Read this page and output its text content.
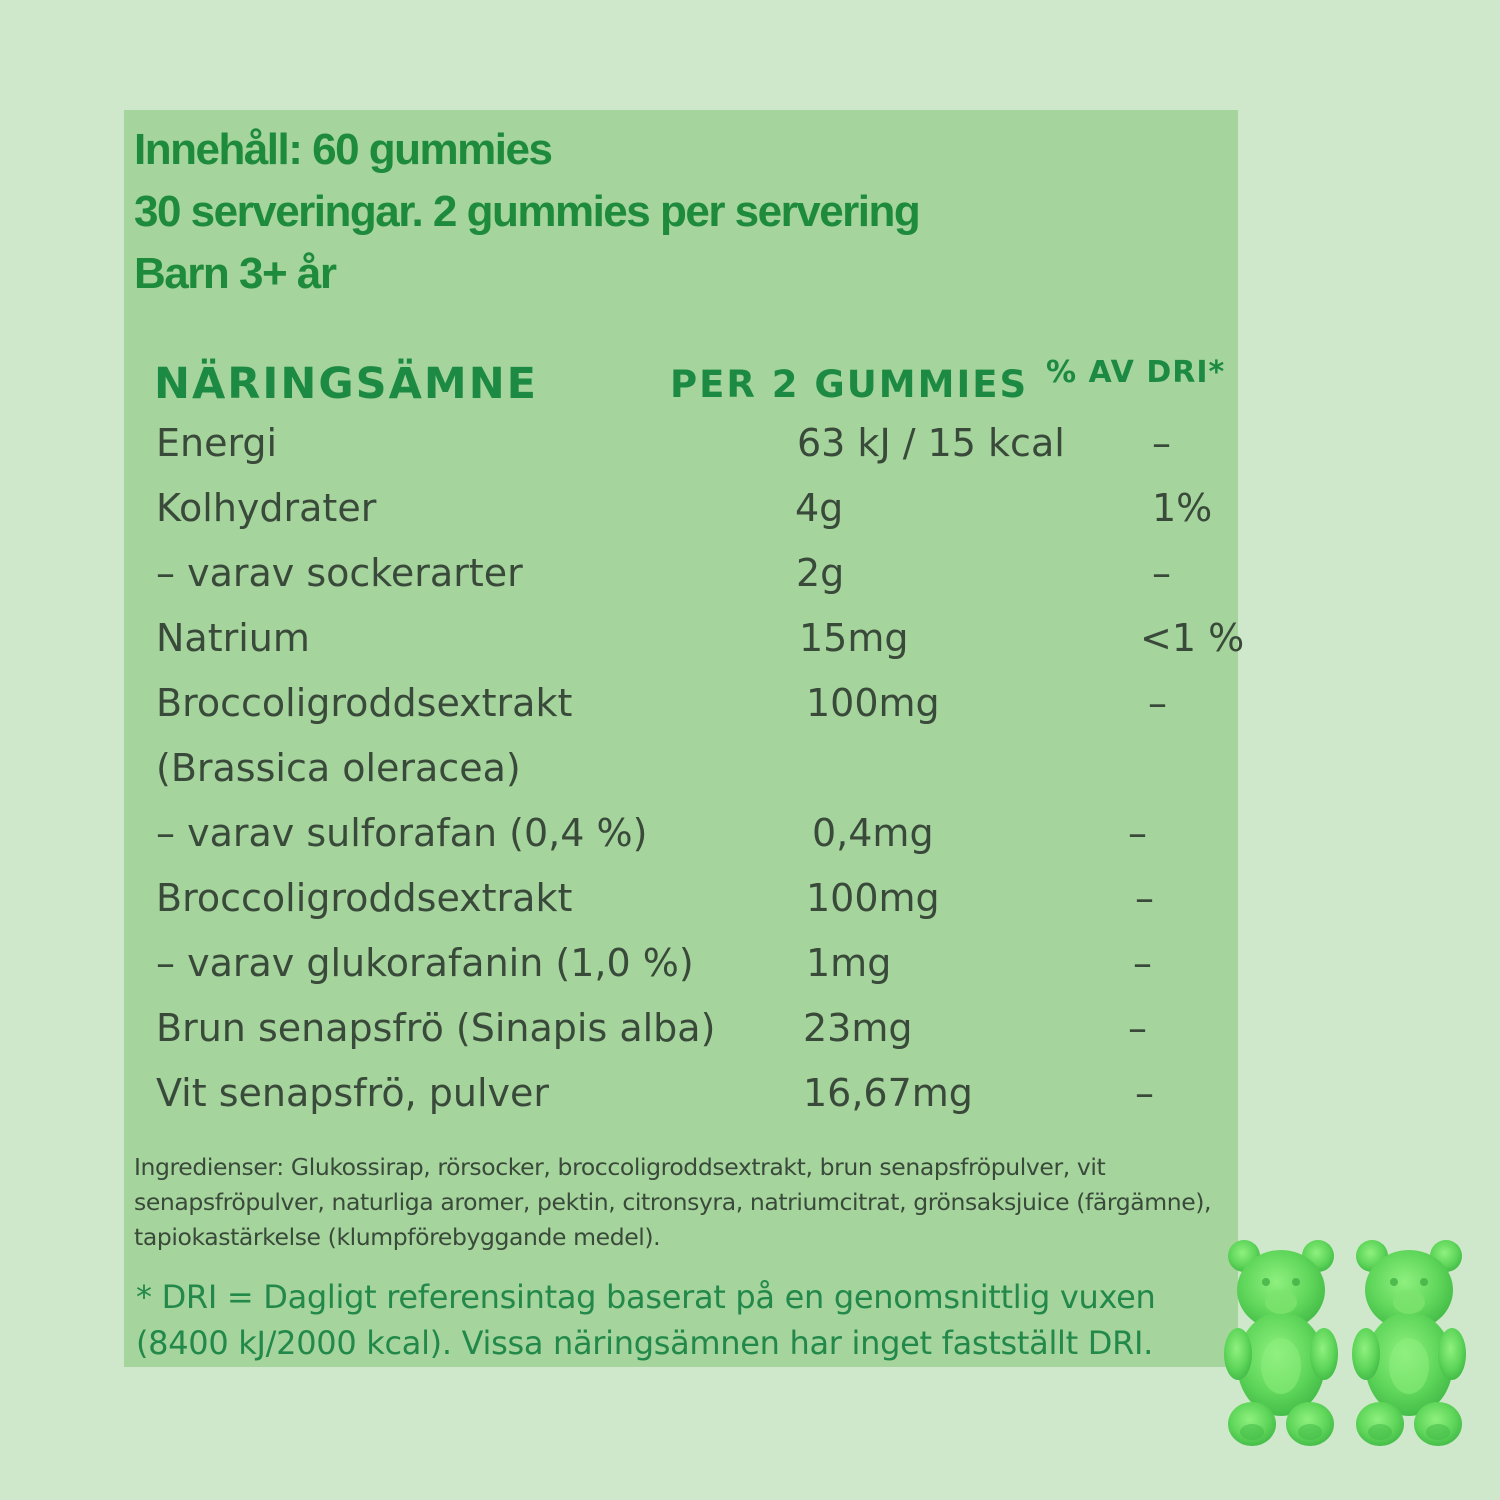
Innehåll: 60 gummies
30 serveringar. 2 gummies per servering
Barn 3+ år
NÄRINGSÄMNE	PER 2 GUMMIES % AV DRI*
Energi	63 kJ / 15 kcal –
Kolhydrater	4g	1%
– varav sockerarter	2g	–
Natrium	15mg	<1 %
Broccoligroddsextrakt	100mg	–
(Brassica oleracea)
– varav sulforafan (0,4 %)	0,4mg	–
Broccoligroddsextrakt	100mg	–
– varav glukorafanin (1,0 %)	1mg	–
Brun senapsfrö (Sinapis alba) 23mg	–
Vit senapsfrö, pulver	16,67mg	–
Ingredienser: Glukossirap, rörsocker, broccoligroddsextrakt, brun senapsfröpulver, vit senapsfröpulver, naturliga aromer, pektin, citronsyra, natriumcitrat, grönsaksjuice (färgämne), tapiokastärkelse (klumpförebyggande medel).
* DRI = Dagligt referensintag baserat på en genomsnittlig vuxen (8400 kJ/2000 kcal). Vissa näringsämnen har inget fastställt DRI.
